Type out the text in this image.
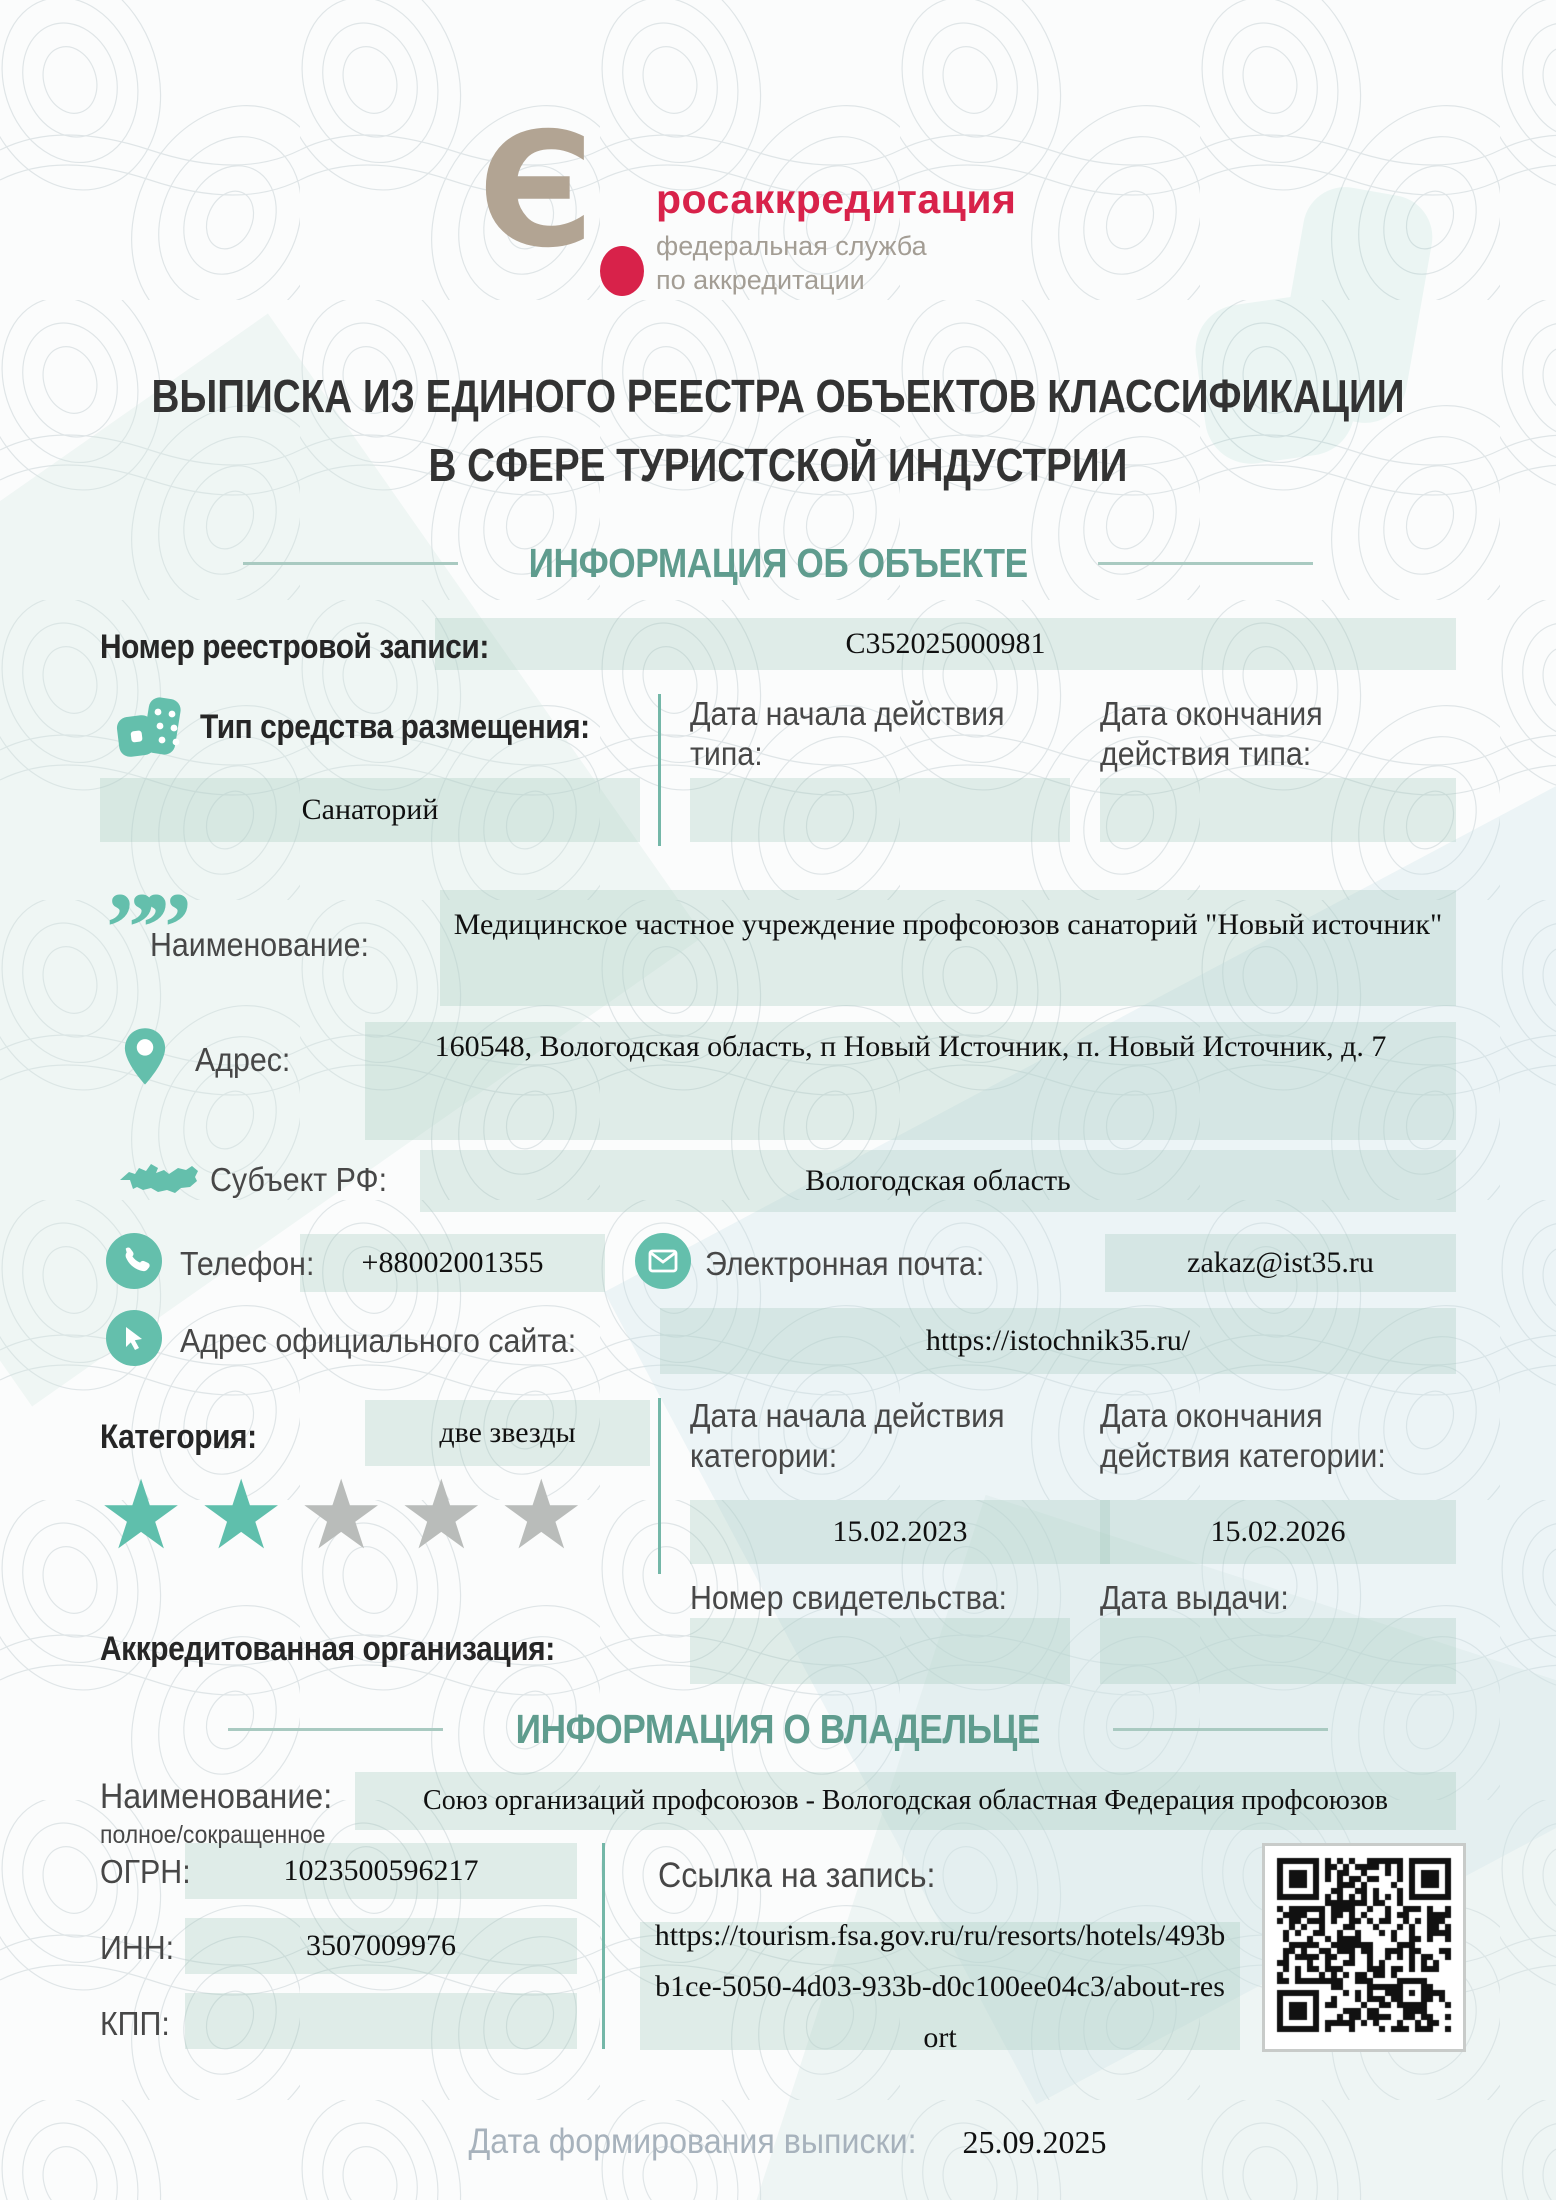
Є росаккредитация
федеральная служба
по аккредитации
ВЫПИСКА ИЗ ЕДИНОГО РЕЕСТРА ОБЪЕКТОВ КЛАССИФИКАЦИИ
В СФЕРЕ ТУРИСТСКОЙ ИНДУСТРИИ
ИНФОРМАЦИЯ ОБ ОБЪЕКТЕ
Номер реестровой записи:	С352025000981
Тип средства размещения:
Санаторий
Дата начала действия типа:
Дата окончания действия типа:
””
Наименование:
Медицинское частное учреждение профсоюзов санаторий "Новый источник"
Адрес:	160548, Вологодская область, п Новый Источник, п. Новый Источник, д. 7
Субъект РФ:	Вологодская область
Телефон:	+88002001355	Электронная почта:	zakaz@ist35.ru
Адрес официального сайта:	https://istochnik35.ru/
Категория:	две звезды
★★★★★
Дата начала действия категории:
15.02.2023
Дата окончания действия категории:
15.02.2026
Номер свидетельства:	Дата выдачи:
Аккредитованная организация:
ИНФОРМАЦИЯ О ВЛАДЕЛЬЦЕ
Наименование:
полное/сокращенное
Союз организаций профсоюзов - Вологодская областная Федерация профсоюзов
ОГРН:	1023500596217
ИНН:	3507009976
КПП:
Ссылка на запись:
https://tourism.fsa.gov.ru/ru/resorts/hotels/493bb1ce-5050-4d03-933b-d0c100ee04c3/about-resort
Дата формирования выписки: 25.09.2025
